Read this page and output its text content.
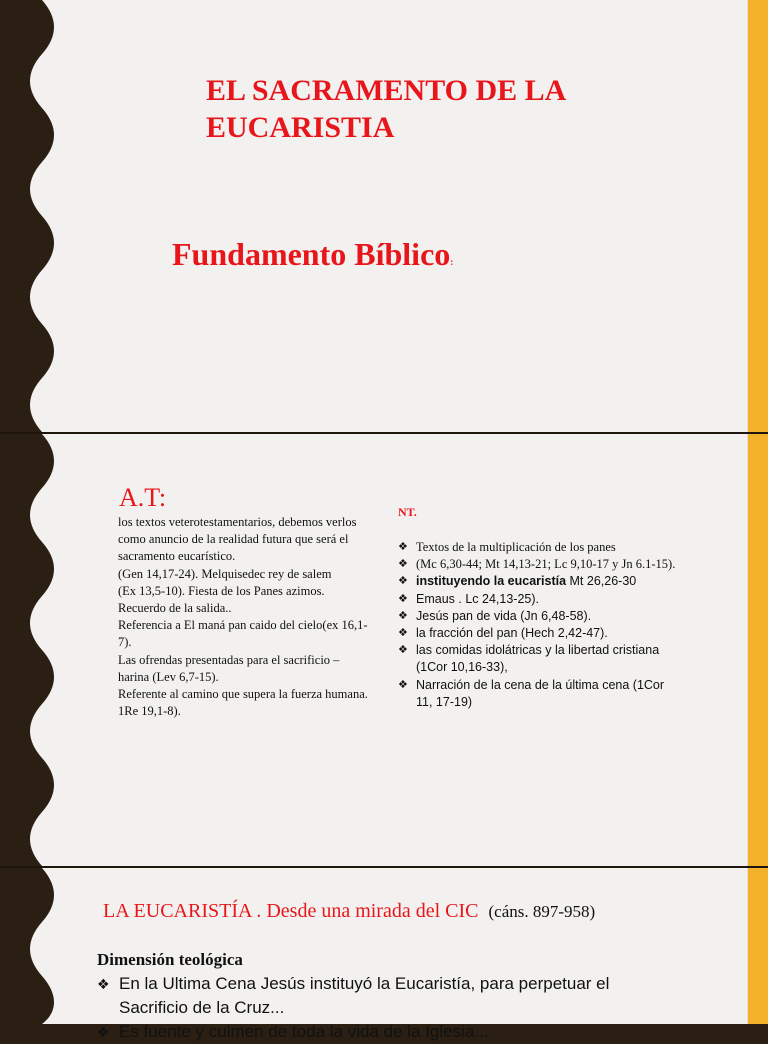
EL SACRAMENTO DE LA EUCARISTIA
Fundamento Bíblico:
A.T:
los textos veterotestamentarios, debemos verlos como anuncio de la realidad futura que será el sacramento eucarístico.
(Gen 14,17-24). Melquisedec rey de salem
(Ex 13,5-10). Fiesta de los Panes azimos. Recuerdo de la salida..
Referencia a El maná pan caido del cielo(ex 16,1-7).
Las ofrendas presentadas para el sacrificio – harina (Lev 6,7-15).
Referente al camino que supera la fuerza humana. 1Re 19,1-8).
NT.
❖ Textos de la multiplicación de los panes
❖ (Mc 6,30-44; Mt 14,13-21; Lc 9,10-17 y Jn 6.1-15).
❖ instituyendo la eucaristía Mt 26,26-30
❖ Emaus . Lc 24,13-25).
❖ Jesús pan de vida (Jn 6,48-58).
❖ la fracción del pan (Hech 2,42-47).
❖ las comidas idolátricas y la libertad cristiana (1Cor 10,16-33),
❖ Narración de la cena de la última cena (1Cor 11, 17-19)
LA EUCARISTÍA . Desde una mirada del CIC (cáns. 897-958)
Dimensión teológica
❖ En la Ultima Cena Jesús instituyó la Eucaristía, para perpetuar el Sacrificio de la Cruz...
❖ Es fuente y culmen de toda la vida de la Iglesia...
